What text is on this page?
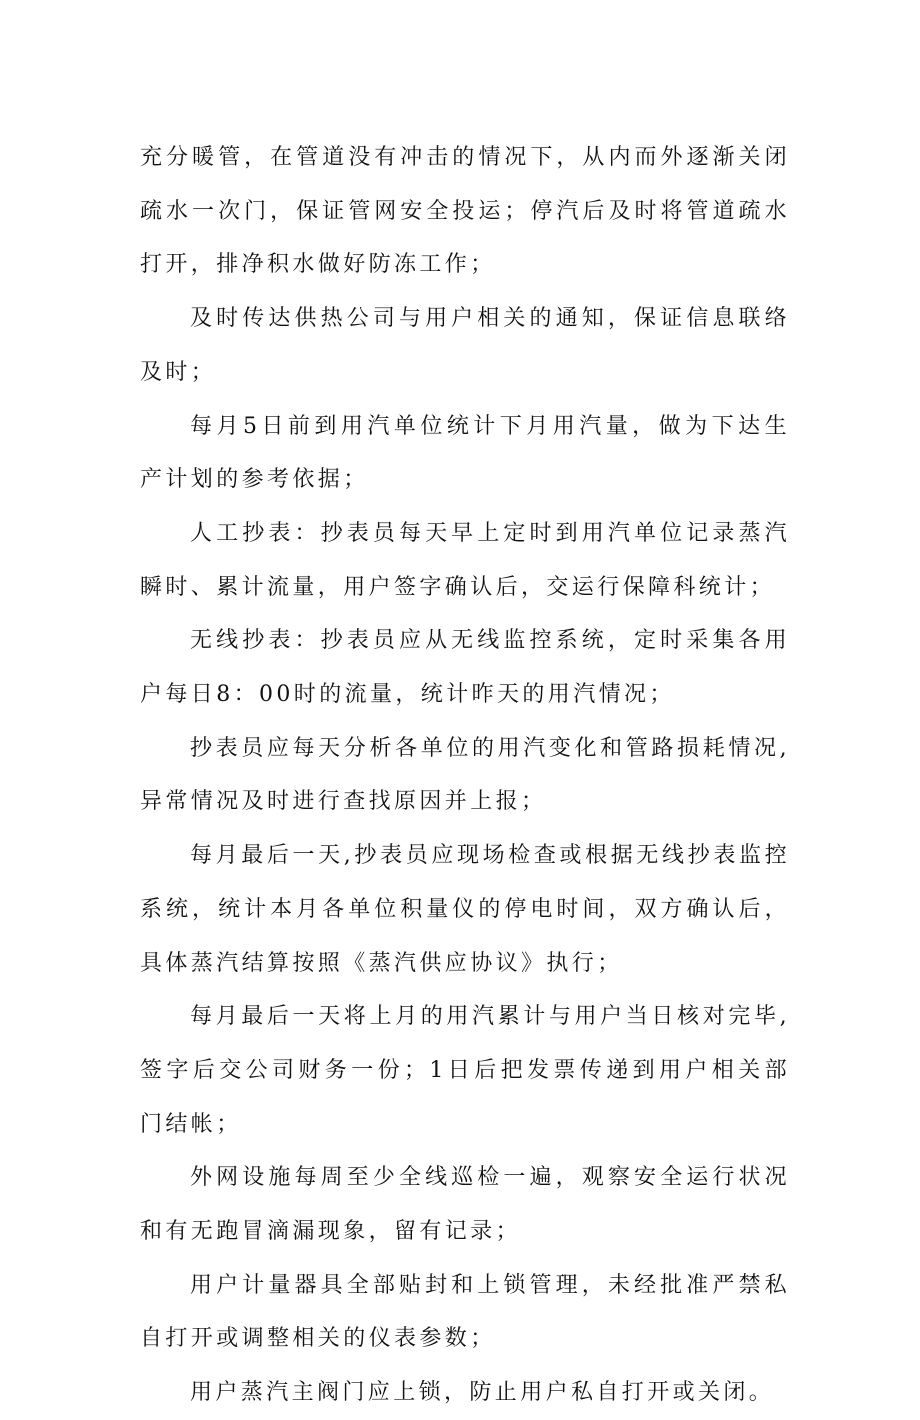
充分暖管，在管道没有冲击的情况下，从内而外逐渐关闭疏水一次门，保证管网安全投运；停汽后及时将管道疏水打开，排净积水做好防冻工作；

及时传达供热公司与用户相关的通知，保证信息联络及时；

每月5日前到用汽单位统计下月用汽量，做为下达生产计划的参考依据；

人工抄表：抄表员每天早上定时到用汽单位记录蒸汽瞬时、累计流量，用户签字确认后，交运行保障科统计；

无线抄表：抄表员应从无线监控系统，定时采集各用户每日8：00时的流量，统计昨天的用汽情况；

抄表员应每天分析各单位的用汽变化和管路损耗情况,异常情况及时进行查找原因并上报；

每月最后一天,抄表员应现场检查或根据无线抄表监控系统，统计本月各单位积量仪的停电时间，双方确认后，具体蒸汽结算按照《蒸汽供应协议》执行；

每月最后一天将上月的用汽累计与用户当日核对完毕,签字后交公司财务一份；1日后把发票传递到用户相关部门结帐；

外网设施每周至少全线巡检一遍，观察安全运行状况和有无跑冒滴漏现象，留有记录；

用户计量器具全部贴封和上锁管理，未经批准严禁私自打开或调整相关的仪表参数；

用户蒸汽主阀门应上锁，防止用户私自打开或关闭。
